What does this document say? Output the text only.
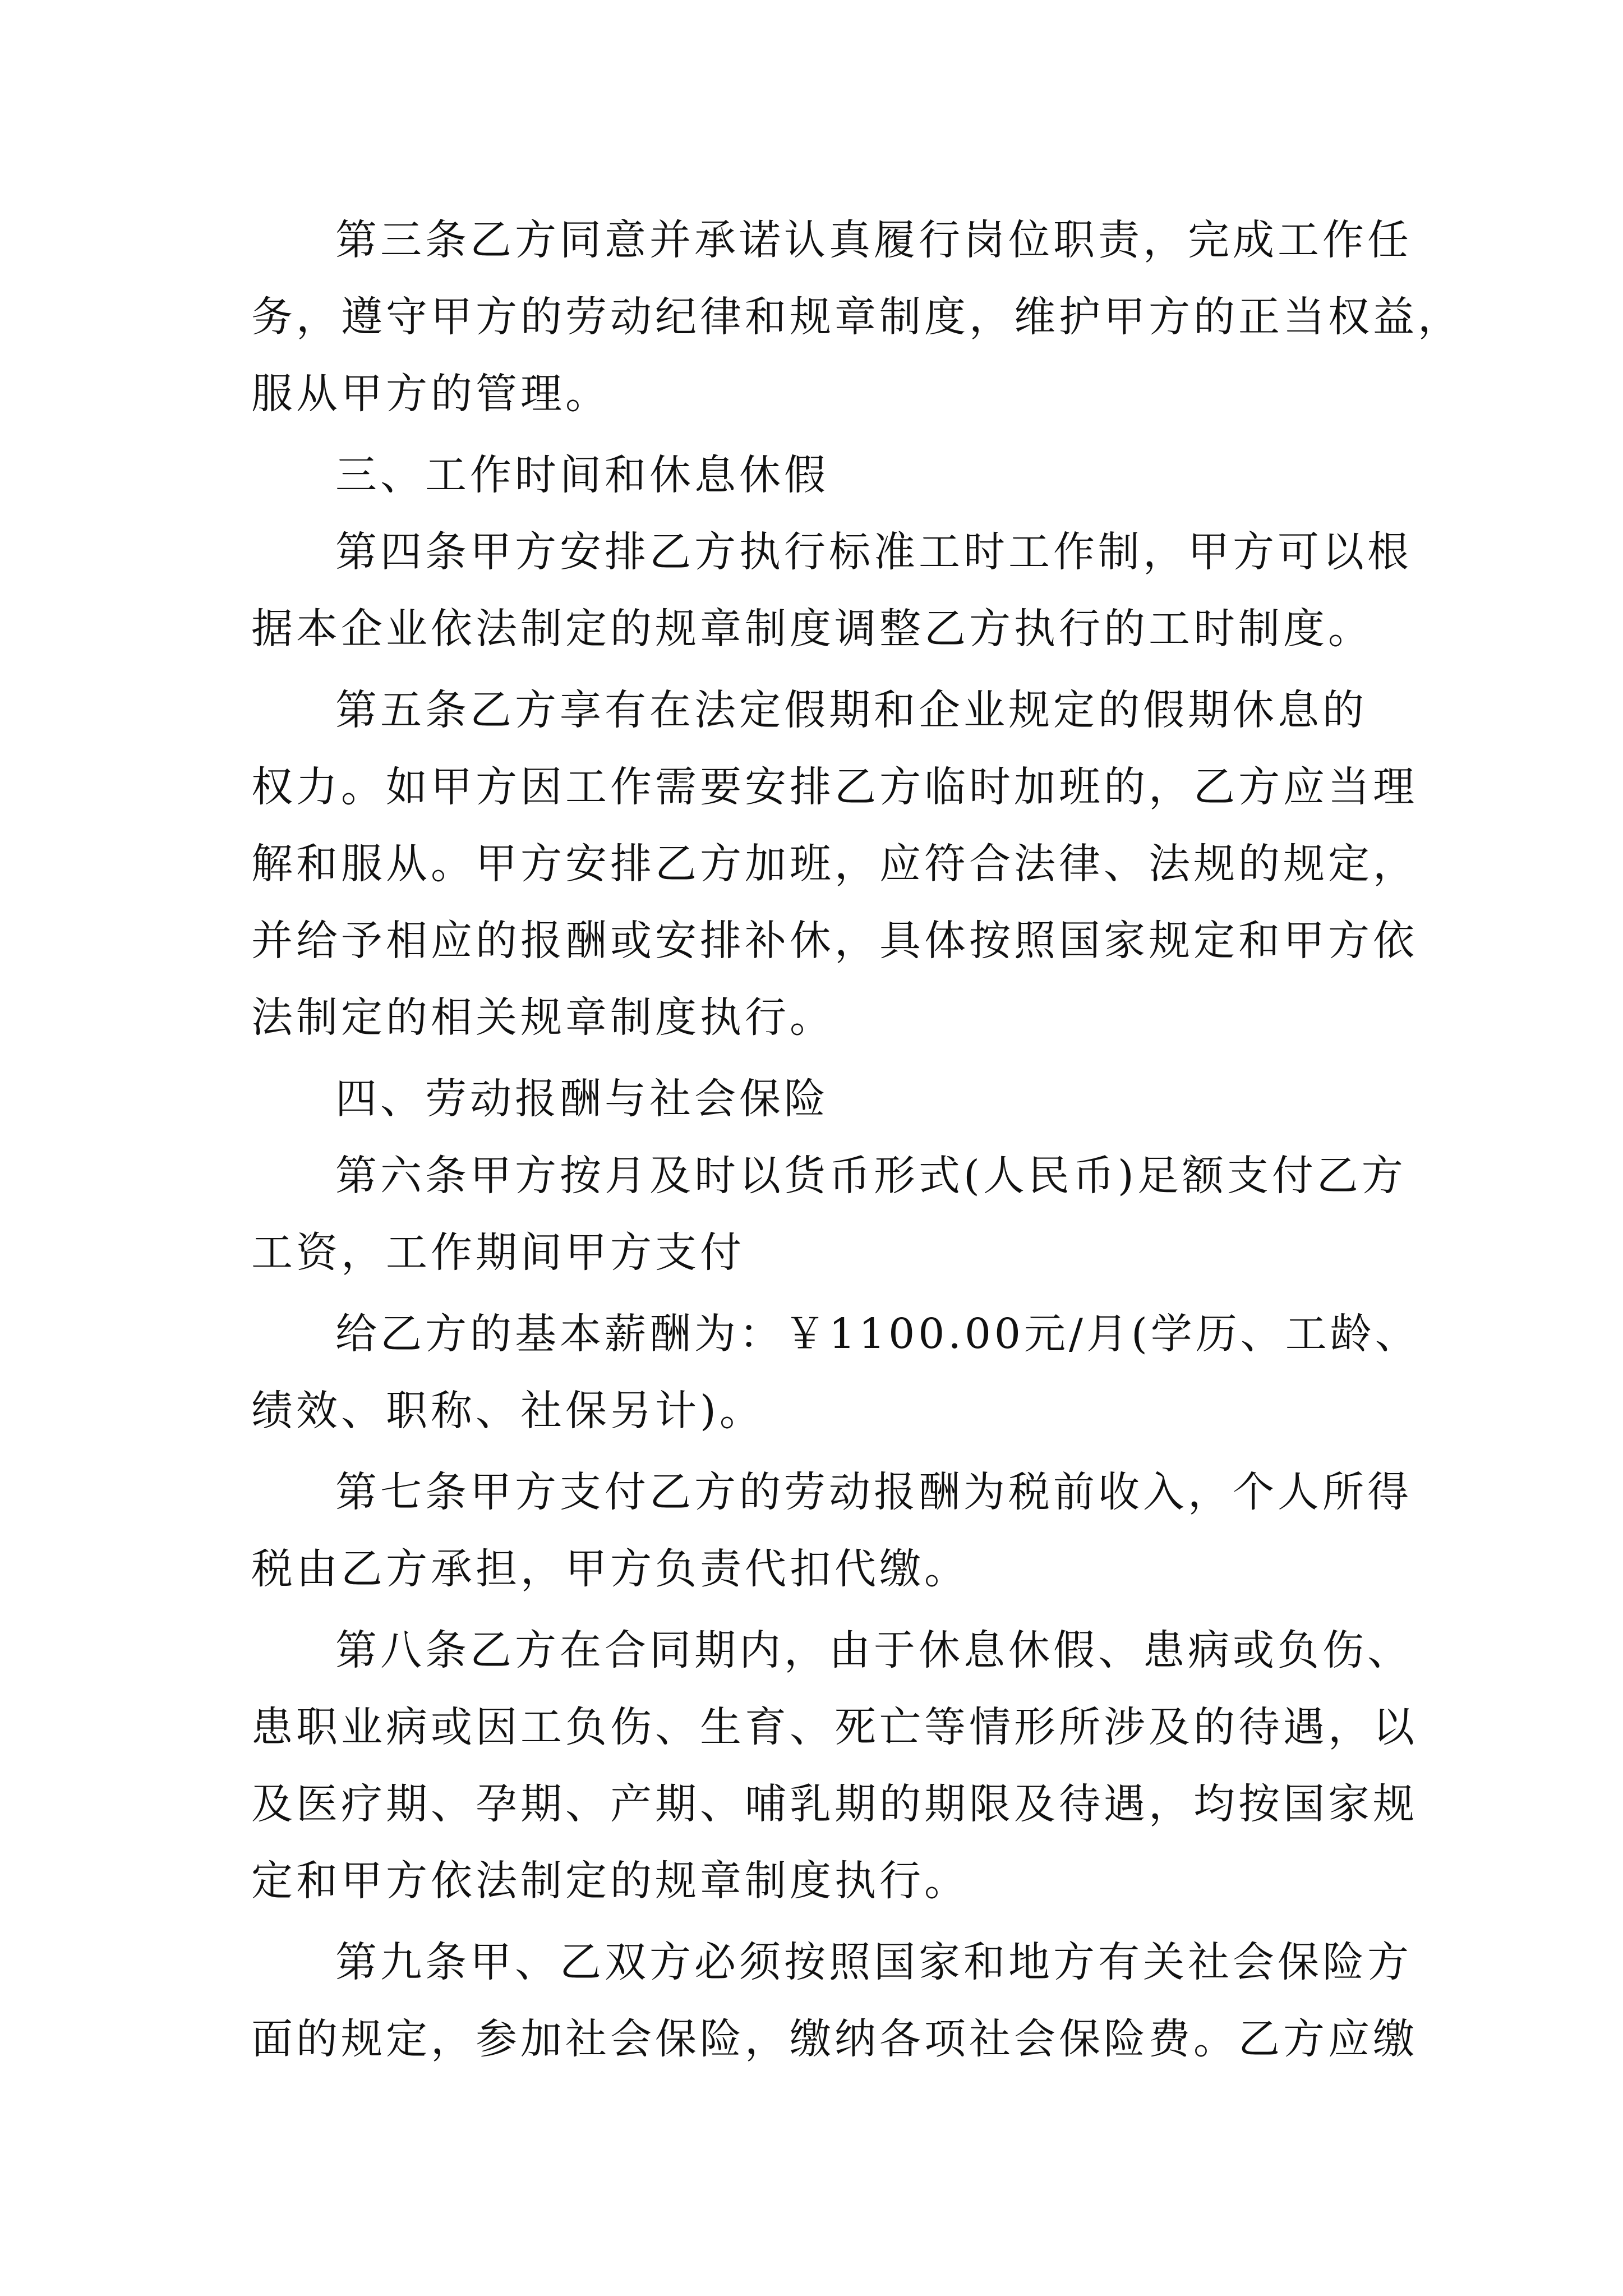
第三条乙方同意并承诺认真履行岗位职责，完成工作任
务，遵守甲方的劳动纪律和规章制度，维护甲方的正当权益，
服从甲方的管理。
三、工作时间和休息休假
第四条甲方安排乙方执行标准工时工作制，甲方可以根
据本企业依法制定的规章制度调整乙方执行的工时制度。
第五条乙方享有在法定假期和企业规定的假期休息的
权力。如甲方因工作需要安排乙方临时加班的，乙方应当理
解和服从。甲方安排乙方加班，应符合法律、法规的规定，
并给予相应的报酬或安排补休，具体按照国家规定和甲方依
法制定的相关规章制度执行。
四、劳动报酬与社会保险
第六条甲方按月及时以货币形式(人民币)足额支付乙方
工资，工作期间甲方支付
给乙方的基本薪酬为：￥1100.00元/月(学历、工龄、
绩效、职称、社保另计)。
第七条甲方支付乙方的劳动报酬为税前收入，个人所得
税由乙方承担，甲方负责代扣代缴。
第八条乙方在合同期内，由于休息休假、患病或负伤、
患职业病或因工负伤、生育、死亡等情形所涉及的待遇，以
及医疗期、孕期、产期、哺乳期的期限及待遇，均按国家规
定和甲方依法制定的规章制度执行。
第九条甲、乙双方必须按照国家和地方有关社会保险方
面的规定，参加社会保险，缴纳各项社会保险费。乙方应缴
